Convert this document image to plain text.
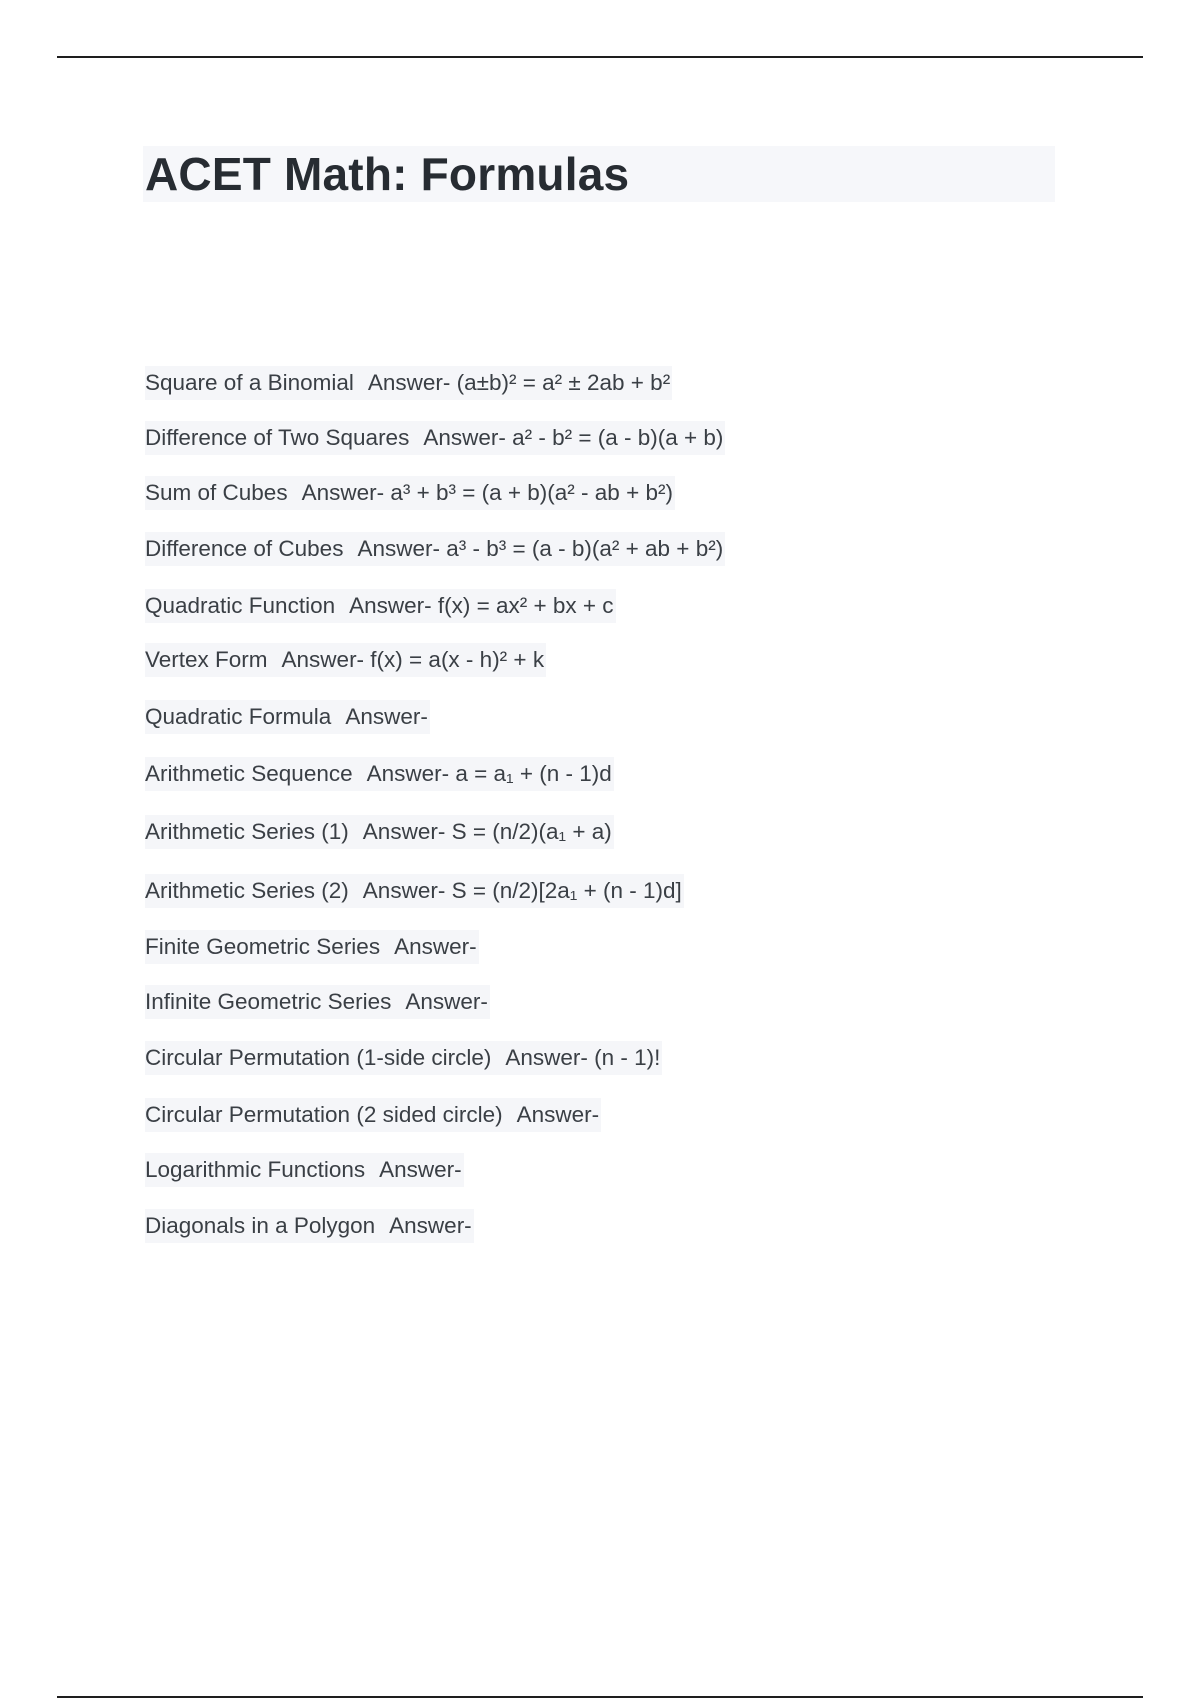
ACET Math: Formulas
Square of a Binomial Answer- (a±b)² = a² ± 2ab + b²
Difference of Two Squares Answer- a² - b² = (a - b)(a + b)
Sum of Cubes Answer- a³ + b³ = (a + b)(a² - ab + b²)
Difference of Cubes Answer- a³ - b³ = (a - b)(a² + ab + b²)
Quadratic Function Answer- f(x) = ax² + bx + c
Vertex Form Answer- f(x) = a(x - h)² + k
Quadratic Formula Answer-
Arithmetic Sequence Answer- a = a₁ + (n - 1)d
Arithmetic Series (1) Answer- S = (n/2)(a₁ + a)
Arithmetic Series (2) Answer- S = (n/2)[2a₁ + (n - 1)d]
Finite Geometric Series Answer-
Infinite Geometric Series Answer-
Circular Permutation (1-side circle) Answer- (n - 1)!
Circular Permutation (2 sided circle) Answer-
Logarithmic Functions Answer-
Diagonals in a Polygon Answer-
